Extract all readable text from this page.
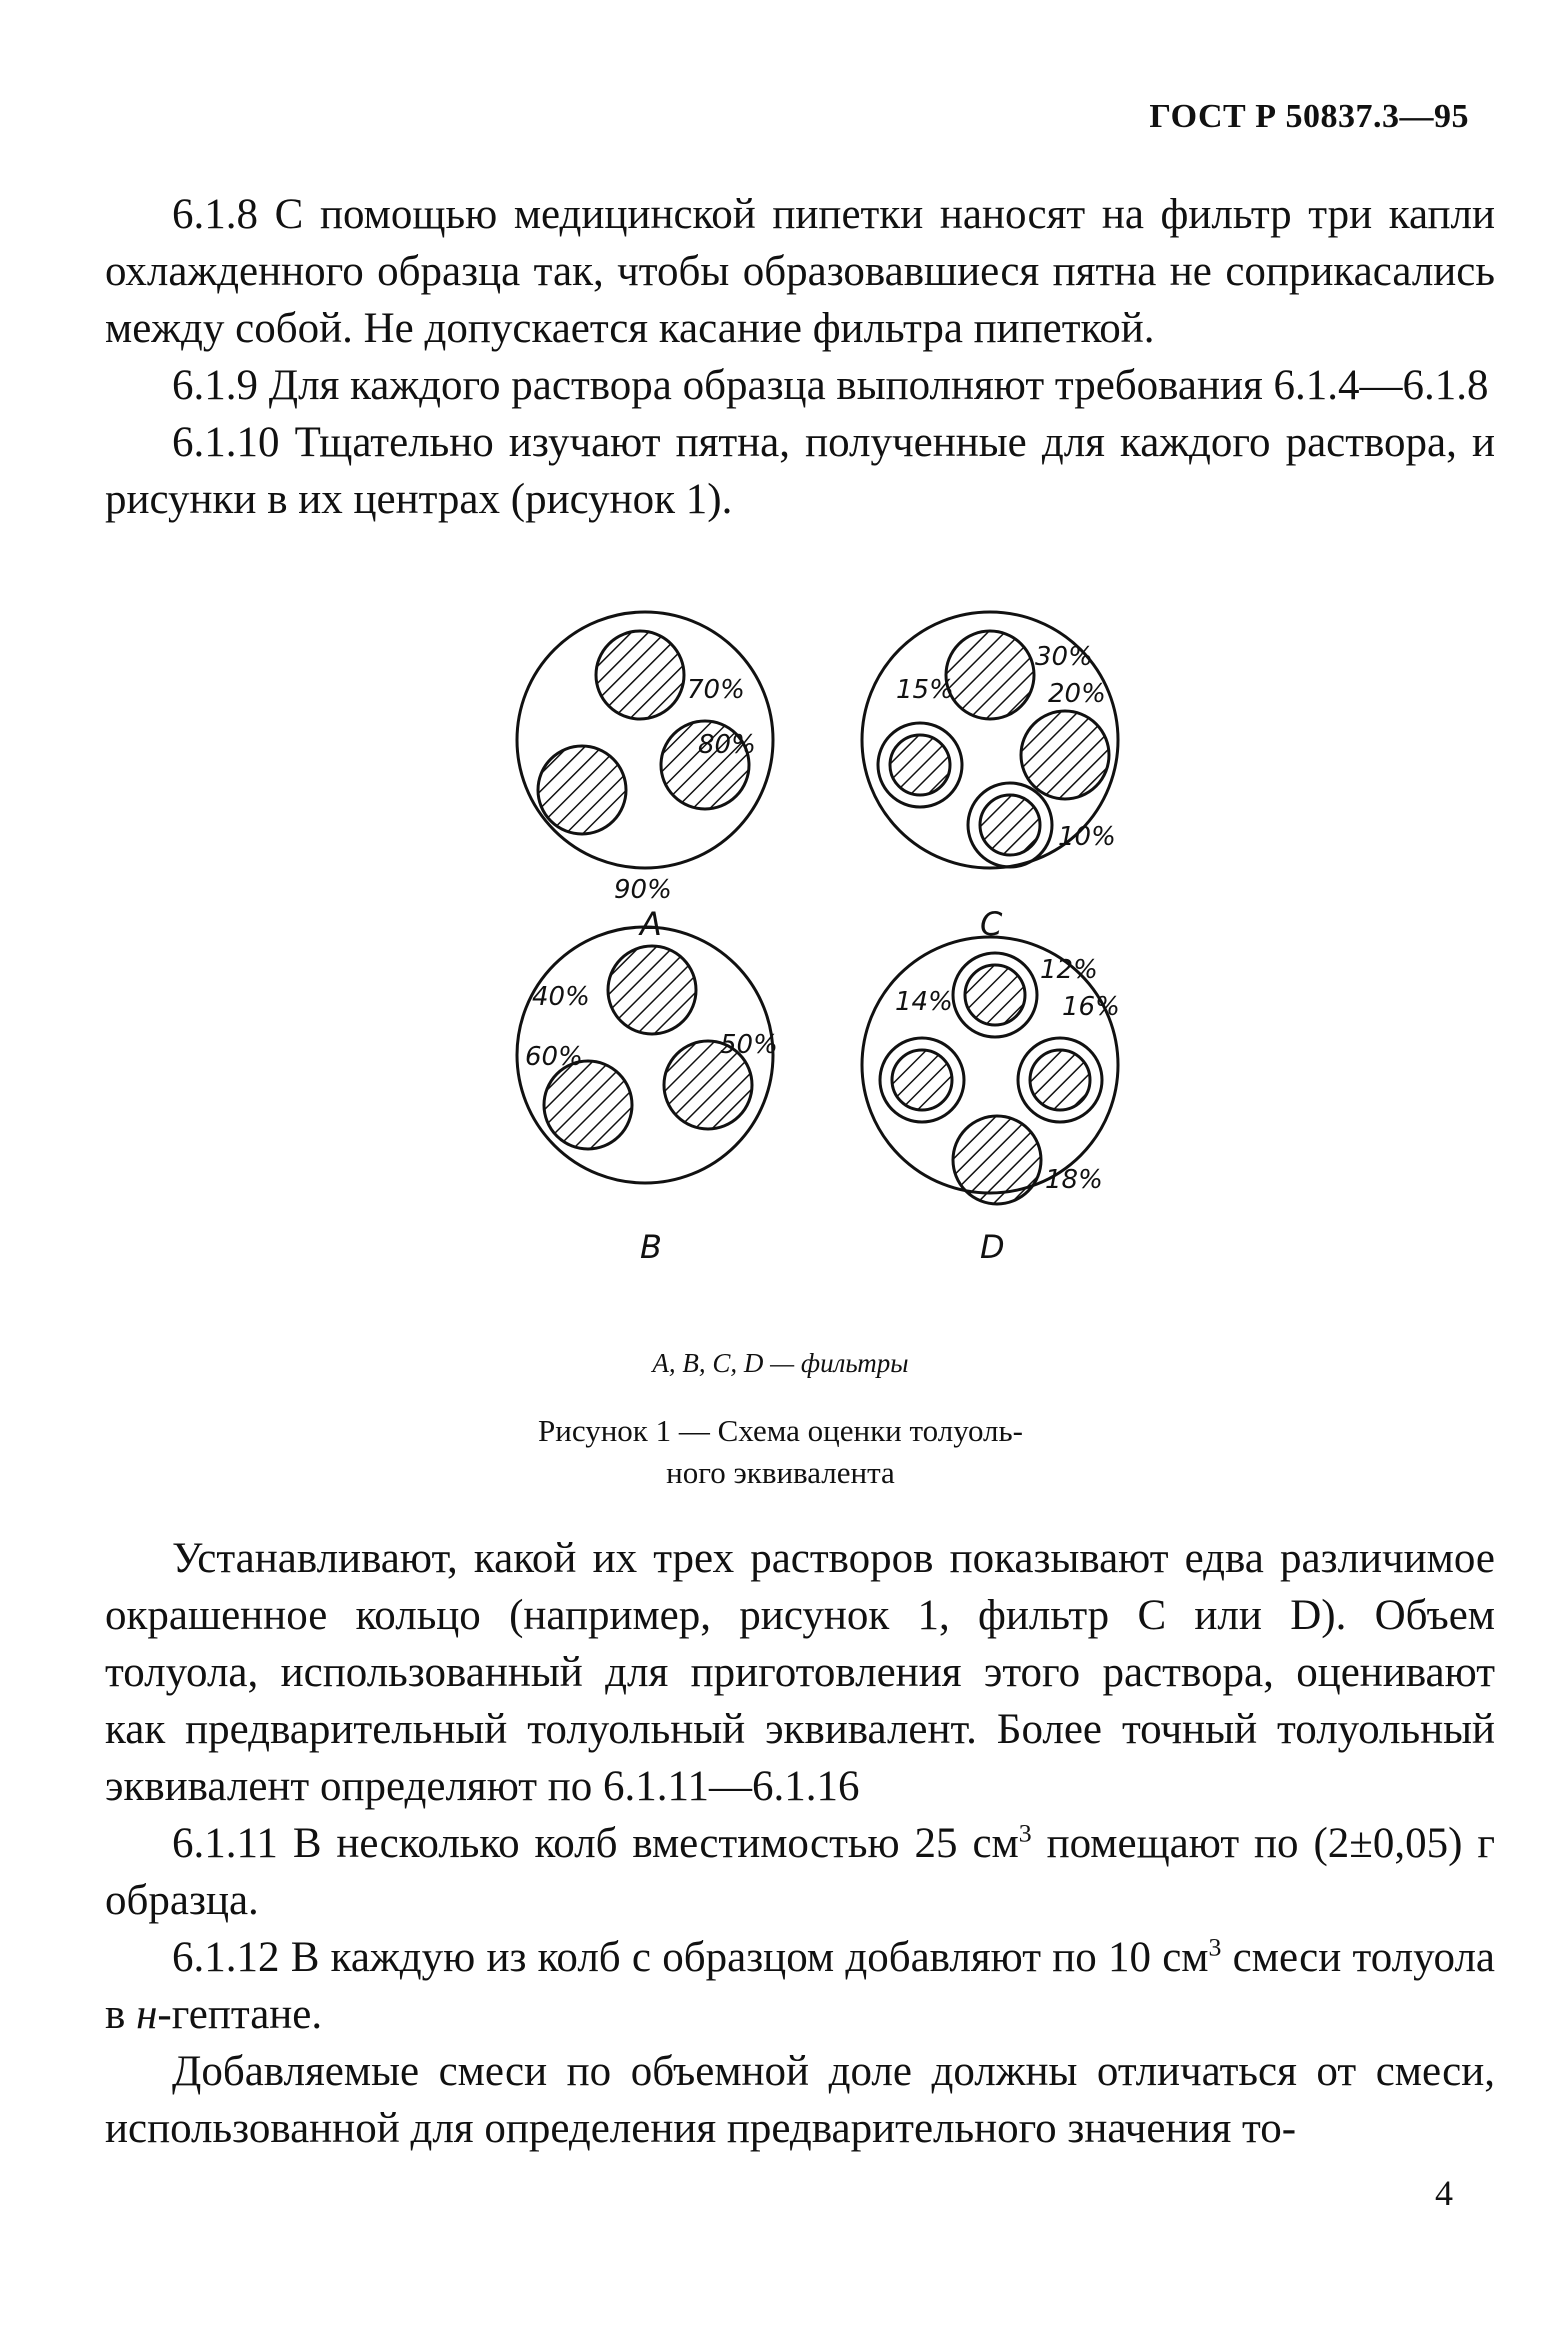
ГОСТ Р 50837.3—95

6.1.8 С помощью медицинской пипетки наносят на фильтр три капли охлажденного образца так, чтобы образовавшиеся пятна не соприкасались между собой. Не допускается касание фильтра пипеткой.

6.1.9 Для каждого раствора образца выполняют требования 6.1.4—6.1.8

6.1.10 Тщательно изучают пятна, полученные для каждого раствора, и рисунки в их центрах (рисунок 1).

70%
80%
90%
A
15%
30%
20%
10%
C
40%
60%	50%
B
14%
12%
16%
18%
D
A, B, C, D — фильтры
Рисунок 1 — Схема оценки толуоль-
ного эквивалента

Устанавливают, какой их трех растворов показывают едва различимое окрашенное кольцо (например, рисунок 1, фильтр C или D). Объем толуола, использованный для приготовления этого раствора, оценивают как предварительный толуольный эквивалент. Более точный толуольный эквивалент определяют по 6.1.11—6.1.16

6.1.11 В несколько колб вместимостью 25 $см^3$ помещают по (2±0,05) г образца.

6.1.12 В каждую из колб с образцом добавляют по 10 $см^3$ смеси толуола в н-гептане.

Добавляемые смеси по объемной доле должны отличаться от смеси, использованной для определения предварительного значения то-

4
